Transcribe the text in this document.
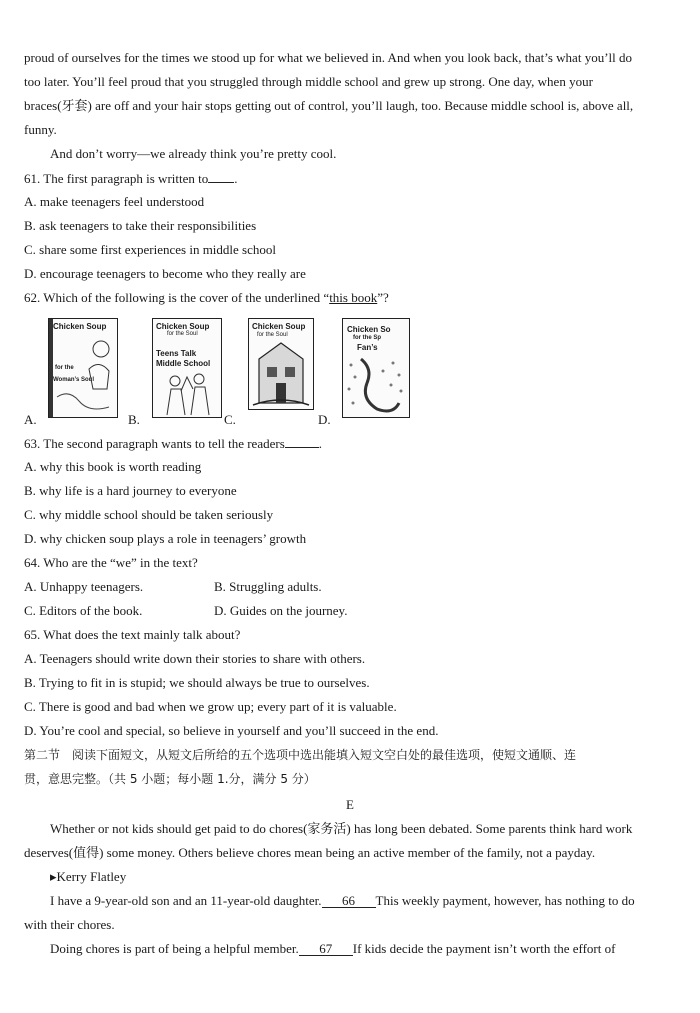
proud of ourselves for the times we stood up for what we believed in. And when you look back, that’s what you’ll do
too later. You’ll feel proud that you struggled through middle school and grew up strong. One day, when your
braces(牙套) are off and your hair stops getting out of control, you’ll laugh, too. Because middle school is, above all,
funny.
And don’t worry—we already think you’re pretty cool.
61. The first paragraph is written to .
A. make teenagers feel understood
B. ask teenagers to take their responsibilities
C. share some first experiences in middle school
D. encourage teenagers to become who they really are
62. Which of the following is the cover of the underlined “this book”?
A.
Chicken Soup
for the
Woman’s Soul
B.
Chicken Soup
for the Soul
Teens Talk
Middle School
C.
Chicken Soup
for the Soul
D.
Chicken So
for the Sp
Fan’s
63. The second paragraph wants to tell the readers	.
A. why this book is worth reading
B. why life is a hard journey to everyone
C. why middle school should be taken seriously
D. why chicken soup plays a role in teenagers’ growth
64. Who are the “we” in the text?
A. Unhappy teenagers.	B. Struggling adults.
C. Editors of the book.	D. Guides on the journey.
65. What does the text mainly talk about?
A. Teenagers should write down their stories to share with others.
B. Trying to fit in is stupid; we should always be true to ourselves.
C. There is good and bad when we grow up; every part of it is valuable.
D. You’re cool and special, so believe in yourself and you’ll succeed in the end.
第二节　阅读下面短文，从短文后所给的五个选项中选出能填入短文空白处的最佳选项，使短文通顺、连
贯，意思完整。（共 5 小题；每小题 1.分，满分 5 分）
E
Whether or not kids should get paid to do chores(家务活) has long been debated. Some parents think hard work
deserves(值得) some money. Others believe chores mean being an active member of the family, not a payday.
▸Kerry Flatley
I have a 9-year-old son and an 11-year-old daughter. 66 This weekly payment, however, has nothing to do
with their chores.
Doing chores is part of being a helpful member. 67 If kids decide the payment isn’t worth the effort of
